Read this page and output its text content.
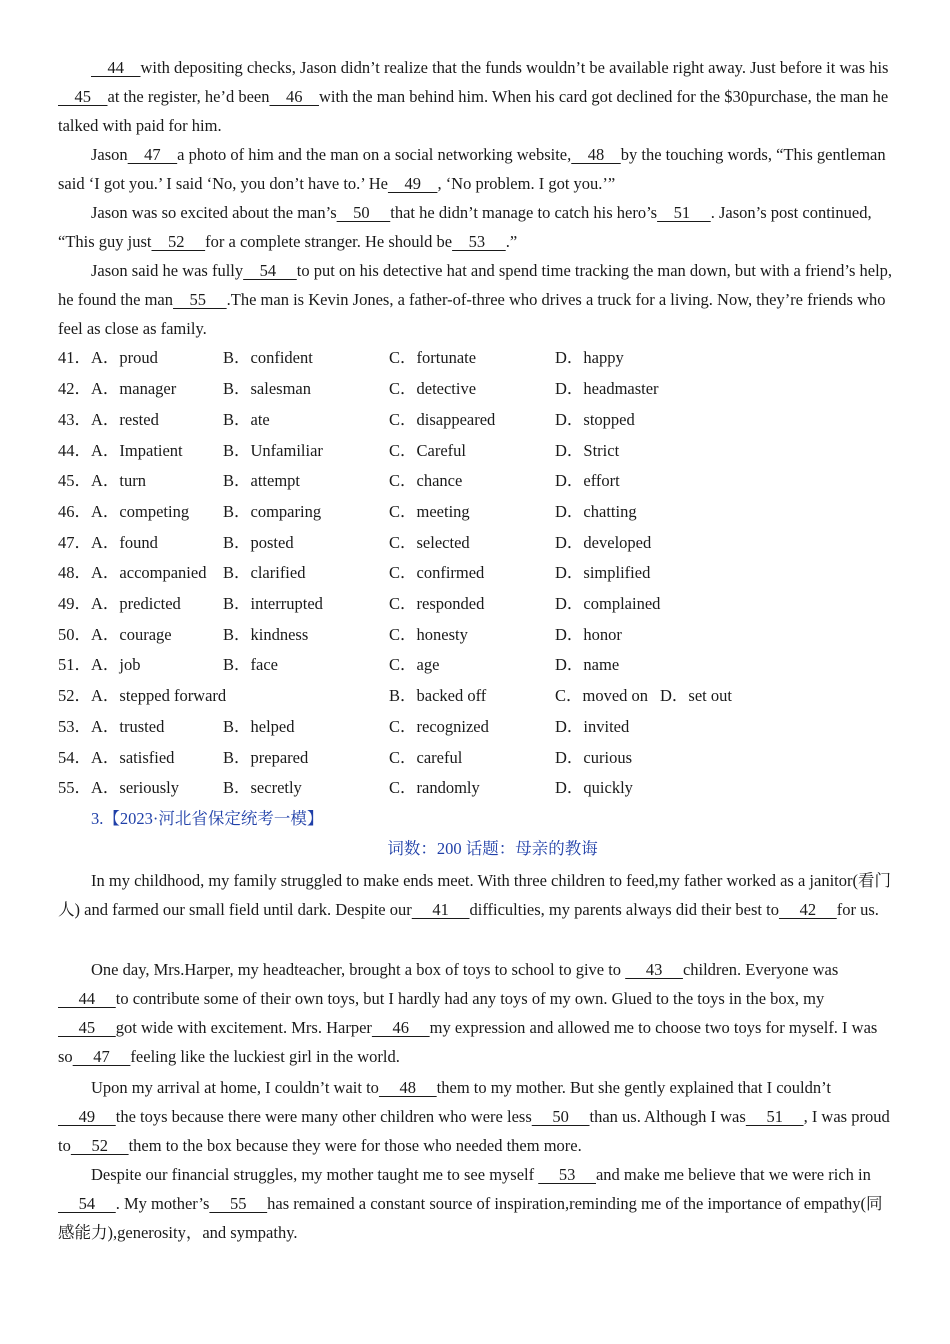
44    with depositing checks, Jason didn’t realize that the funds wouldn’t be available right away. Just before it was his    45    at the register, he’d been    46    with the man behind him. When his card got declined for the $30purchase, the man he talked with paid for him.

Jason    47    a photo of him and the man on a social networking website,    48    by the touching words, “This gentleman said ‘I got you.’ I said ‘No, you don’t have to.’ He    49    , ‘No problem. I got you.’”

Jason was so excited about the man’s    50     that he didn’t manage to catch his hero’s    51     . Jason’s post continued, “This guy just    52     for a complete stranger. He should be    53     .”

Jason said he was fully    54     to put on his detective hat and spend time tracking the man down, but with a friend’s help, he found the man    55     .The man is Kevin Jones, a father-of-three who drives a truck for a living. Now, they’re friends who feel as close as family.

41． A．proud	B．confident	C．fortunate	D．happy
42． A．manager	B．salesman	C．detective	D．headmaster
43． A．rested	B．ate	C．disappeared	D．stopped
44． A．Impatient B．Unfamiliar	C．Careful	D．Strict
45． A．turn	B．attempt	C．chance	D．effort
46． A．competing B．comparing	C．meeting	D．chatting
47． A．found	B．posted	C．selected	D．developed
48． A．accompanied B．clarified	C．confirmed	D．simplified
49． A．predicted	B．interrupted	C．responded	D．complained
50． A．courage	B．kindness	C．honesty	D．honor
51． A．job	B．face	C．age	D．name
52． A．stepped forward	B．backed off	C．moved on D．set out
53． A．trusted	B．helped	C．recognized	D．invited
54． A．satisfied	B．prepared	C．careful	D．curious
55． A．seriously	B．secretly	C．randomly	D．quickly
3.【2023·河北省保定统考一模】
词数：200 话题：母亲的教诲

In my childhood, my family struggled to make ends meet. With three children to feed,my father worked as a janitor(看门人) and farmed our small field until dark. Despite our     41     difficulties, my parents always did their best to     42     for us.

One day, Mrs.Harper, my headteacher, brought a box of toys to school to give to      43     children. Everyone was     44     to contribute some of their own toys, but I hardly had any toys of my own. Glued to the toys in the box, my     45     got wide with excitement. Mrs. Harper     46     my expression and allowed me to choose two toys for myself. I was so     47     feeling like the luckiest girl in the world.

Upon my arrival at home, I couldn’t wait to     48     them to my mother. But she gently explained that I couldn’t     49     the toys because there were many other children who were less     50     than us. Although I was     51     , I was proud to     52     them to the box because they were for those who needed them more.

Despite our financial struggles, my mother taught me to see myself      53     and make me believe that we were rich in     54     . My mother’s     55     has remained a constant source of inspiration,reminding me of the importance of empathy(同感能力),generosity，and sympathy.
